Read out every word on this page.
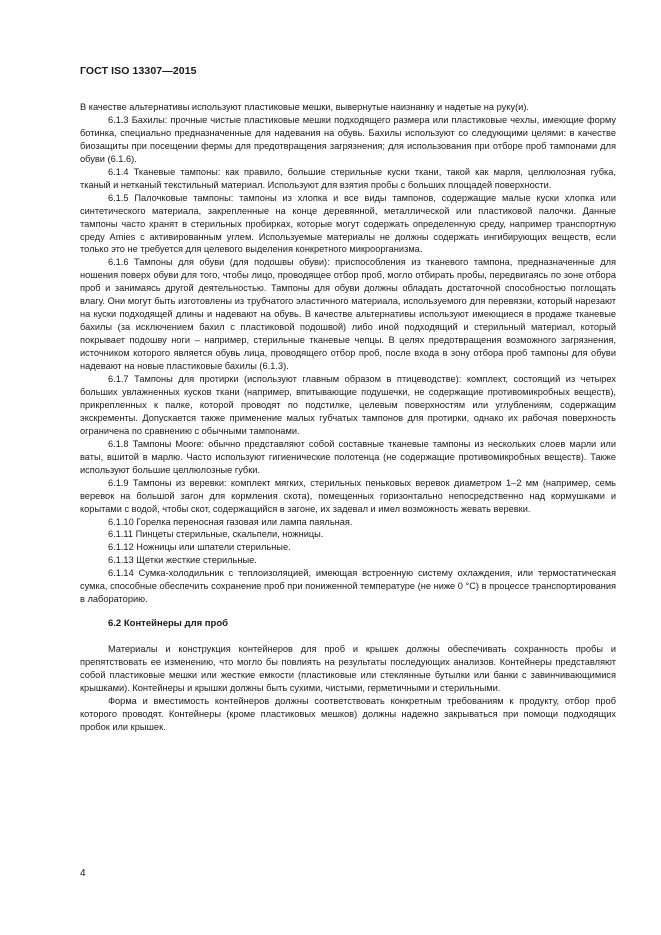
ГОСТ ISO 13307—2015

В качестве альтернативы используют пластиковые мешки, вывернутые наизнанку и надетые на руку(и).

6.1.3 Бахилы: прочные чистые пластиковые мешки подходящего размера или пластиковые чехлы, имеющие форму ботинка, специально предназначенные для надевания на обувь. Бахилы используют со следующими целями: в качестве биозащиты при посещении фермы для предотвращения загрязнения; для использования при отборе проб тампонами для обуви (6.1.6).

6.1.4 Тканевые тампоны: как правило, большие стерильные куски ткани, такой как марля, целлюлозная губка, тканый и нетканый текстильный материал. Используют для взятия пробы с больших площадей поверхности.

6.1.5 Палочковые тампоны: тампоны из хлопка и все виды тампонов, содержащие малые куски хлопка или синтетического материала, закрепленные на конце деревянной, металлической или пластиковой палочки. Данные тампоны часто хранят в стерильных пробирках, которые могут содержать определенную среду, например транспортную среду Amies с активированным углем. Используемые материалы не должны содержать ингибирующих веществ, если только это не требуется для целевого выделения конкретного микроорганизма.

6.1.6 Тампоны для обуви (для подошвы обуви): приспособления из тканевого тампона, предназначенные для ношения поверх обуви для того, чтобы лицо, проводящее отбор проб, могло отбирать пробы, передвигаясь по зоне отбора проб и занимаясь другой деятельностью. Тампоны для обуви должны обладать достаточной способностью поглощать влагу. Они могут быть изготовлены из трубчатого эластичного материала, используемого для перевязки, который нарезают на куски подходящей длины и надевают на обувь. В качестве альтернативы используют имеющиеся в продаже тканевые бахилы (за исключением бахил с пластиковой подошвой) либо иной подходящий и стерильный материал, который покрывает подошву ноги – например, стерильные тканевые чепцы. В целях предотвращения возможного загрязнения, источником которого является обувь лица, проводящего отбор проб, после входа в зону отбора проб тампоны для обуви надевают на новые пластиковые бахилы (6.1.3).

6.1.7 Тампоны для протирки (используют главным образом в птицеводстве): комплект, состоящий из четырех больших увлажненных кусков ткани (например, впитывающие подушечки, не содержащие противомикробных веществ), прикрепленных к палке, которой проводят по подстилке, целевым поверхностям или углублениям, содержащим экскременты. Допускается также применение малых губчатых тампонов для протирки, однако их рабочая поверхность ограничена по сравнению с обычными тампонами.

6.1.8 Тампоны Moore: обычно представляют собой составные тканевые тампоны из нескольких слоев марли или ваты, вшитой в марлю. Часто используют гигиенические полотенца (не содержащие противомикробных веществ). Также используют большие целлюлозные губки.

6.1.9 Тампоны из веревки: комплект мягких, стерильных пеньковых веревок диаметром 1–2 мм (например, семь веревок на большой загон для кормления скота), помещенных горизонтально непосредственно над кормушками и корытами с водой, чтобы скот, содержащийся в загоне, их задевал и имел возможность жевать веревки.

6.1.10 Горелка переносная газовая или лампа паяльная.

6.1.11 Пинцеты стерильные, скальпели, ножницы.

6.1.12 Ножницы или шпатели стерильные.

6.1.13 Щетки жесткие стерильные.

6.1.14 Сумка-холодильник с теплоизоляцией, имеющая встроенную систему охлаждения, или термостатическая сумка, способные обеспечить сохранение проб при пониженной температуре (не ниже 0 °С) в процессе транспортирования в лабораторию.

6.2 Контейнеры для проб

Материалы и конструкция контейнеров для проб и крышек должны обеспечивать сохранность пробы и препятствовать ее изменению, что могло бы повлиять на результаты последующих анализов. Контейнеры представляют собой пластиковые мешки или жесткие емкости (пластиковые или стеклянные бутылки или банки с завинчивающимися крышками). Контейнеры и крышки должны быть сухими, чистыми, герметичными и стерильными.

Форма и вместимость контейнеров должны соответствовать конкретным требованиям к продукту, отбор проб которого проводят. Контейнеры (кроме пластиковых мешков) должны надежно закрываться при помощи подходящих пробок или крышек.

4
